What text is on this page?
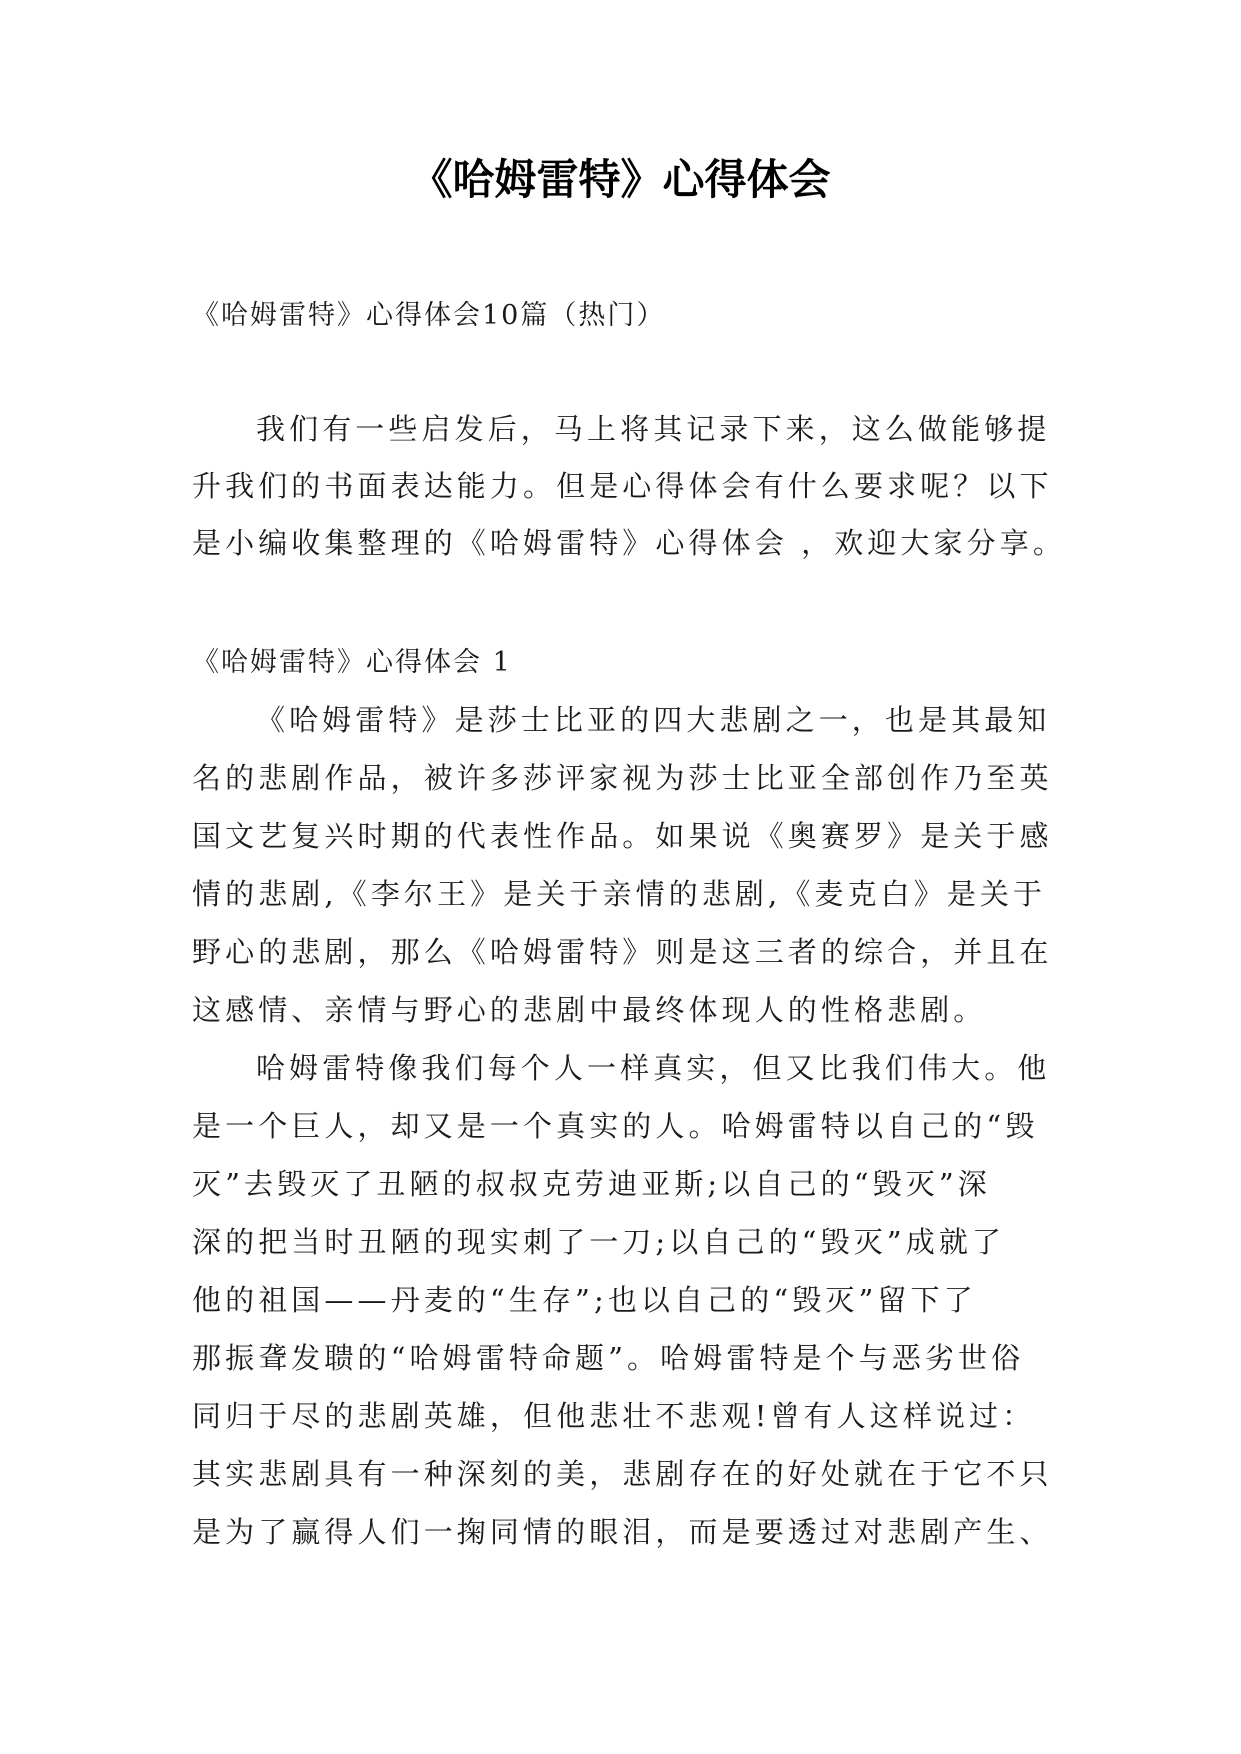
《哈姆雷特》心得体会

《哈姆雷特》心得体会10篇（热门）

我们有一些启发后，马上将其记录下来，这么做能够提

升我们的书面表达能力。但是心得体会有什么要求呢？以下

是小编收集整理的《哈姆雷特》心得体会 ，欢迎大家分享。

《哈姆雷特》心得体会 1

《哈姆雷特》是莎士比亚的四大悲剧之一，也是其最知

名的悲剧作品，被许多莎评家视为莎士比亚全部创作乃至英

国文艺复兴时期的代表性作品。如果说《奥赛罗》是关于感

情的悲剧,《李尔王》是关于亲情的悲剧,《麦克白》是关于

野心的悲剧，那么《哈姆雷特》则是这三者的综合，并且在

这感情、亲情与野心的悲剧中最终体现人的性格悲剧。

哈姆雷特像我们每个人一样真实，但又比我们伟大。他

是一个巨人，却又是一个真实的人。哈姆雷特以自己的“毁

灭”去毁灭了丑陋的叔叔克劳迪亚斯;以自己的“毁灭”深

深的把当时丑陋的现实刺了一刀;以自己的“毁灭”成就了

他的祖国——丹麦的“生存”;也以自己的“毁灭”留下了

那振聋发聩的“哈姆雷特命题”。哈姆雷特是个与恶劣世俗

同归于尽的悲剧英雄，但他悲壮不悲观!曾有人这样说过：

其实悲剧具有一种深刻的美，悲剧存在的好处就在于它不只

是为了赢得人们一掬同情的眼泪，而是要透过对悲剧产生、
